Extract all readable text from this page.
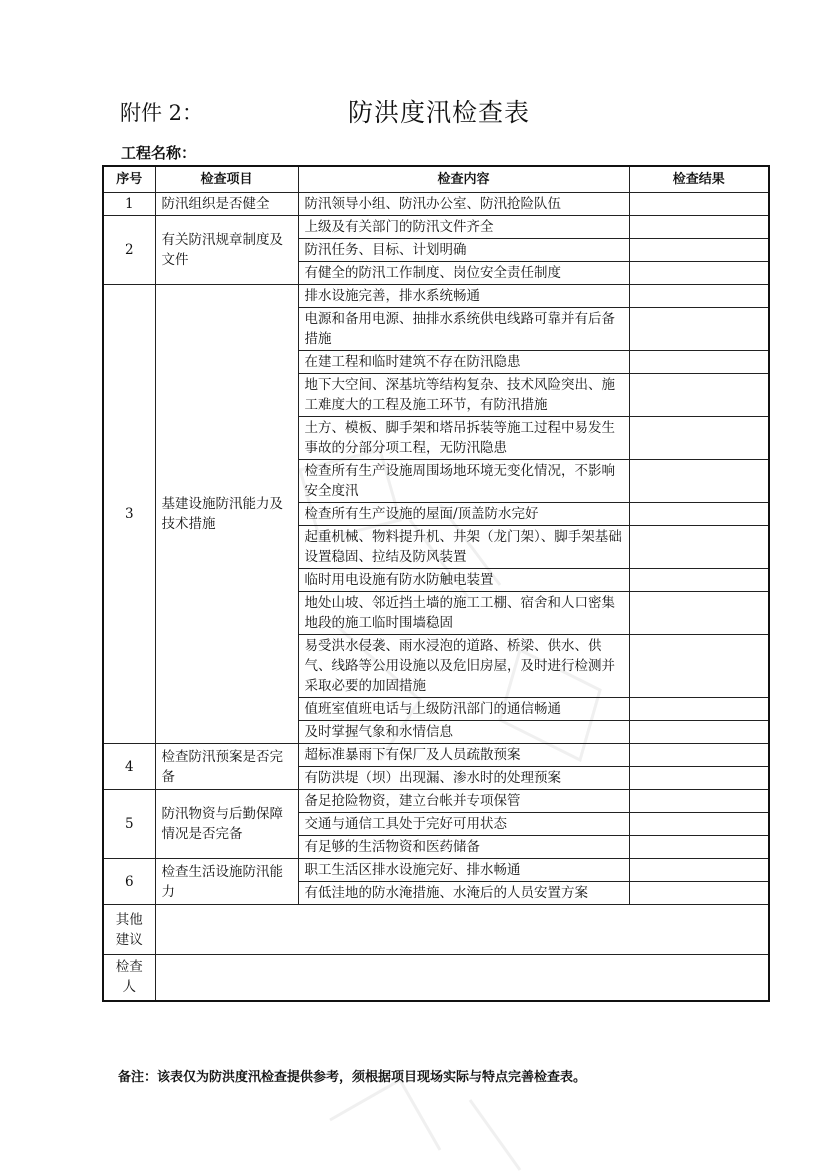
附件 2：	防洪度汛检查表
工程名称：
序号	检查项目	检查内容	检查结果
1	防汛组织是否健全	防汛领导小组、防汛办公室、防汛抢险队伍	
2	有关防汛规章制度及文件	上级及有关部门的防汛文件齐全	
		防汛任务、目标、计划明确	
		有健全的防汛工作制度、岗位安全责任制度	
3	基建设施防汛能力及技术措施	排水设施完善，排水系统畅通	
		电源和备用电源、抽排水系统供电线路可靠并有后备措施	
		在建工程和临时建筑不存在防汛隐患	
		地下大空间、深基坑等结构复杂、技术风险突出、施工难度大的工程及施工环节，有防汛措施	
		土方、模板、脚手架和塔吊拆装等施工过程中易发生事故的分部分项工程，无防汛隐患	
		检查所有生产设施周围场地环境无变化情况，不影响安全度汛	
		检查所有生产设施的屋面/顶盖防水完好	
		起重机械、物料提升机、井架（龙门架）、脚手架基础设置稳固、拉结及防风装置	
		临时用电设施有防水防触电装置	
		地处山坡、邻近挡土墙的施工工棚、宿舍和人口密集地段的施工临时围墙稳固	
		易受洪水侵袭、雨水浸泡的道路、桥梁、供水、供气、线路等公用设施以及危旧房屋，及时进行检测并采取必要的加固措施	
		值班室值班电话与上级防汛部门的通信畅通	
		及时掌握气象和水情信息	
4	检查防汛预案是否完备	超标准暴雨下有保厂及人员疏散预案	
		有防洪堤（坝）出现漏、渗水时的处理预案	
5	防汛物资与后勤保障情况是否完备	备足抢险物资，建立台帐并专项保管	
		交通与通信工具处于完好可用状态	
		有足够的生活物资和医药储备	
6	检查生活设施防汛能力	职工生活区排水设施完好、排水畅通	
		有低洼地的防水淹措施、水淹后的人员安置方案	
其他建议			
检查人			
备注：该表仅为防洪度汛检查提供参考，须根据项目现场实际与特点完善检查表。
